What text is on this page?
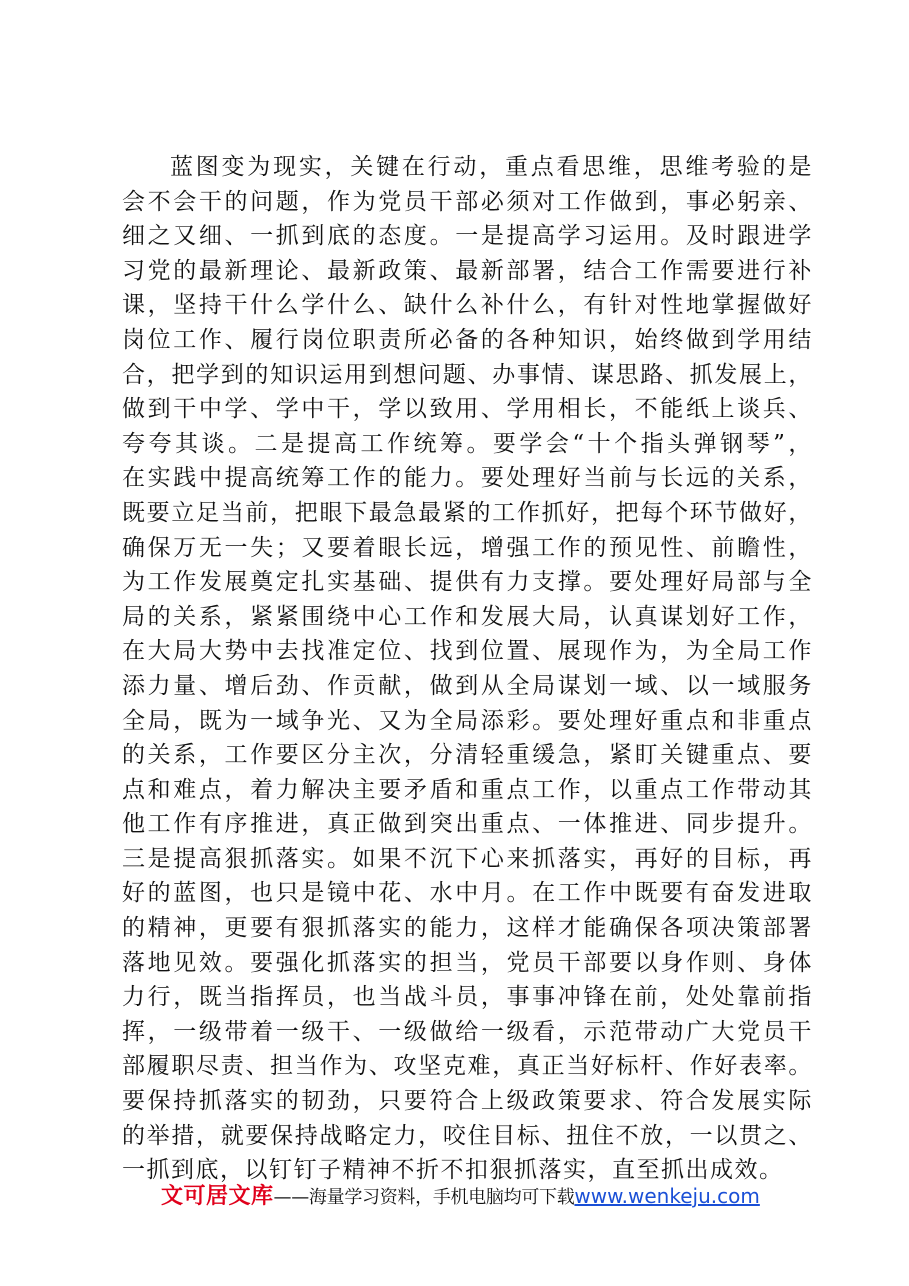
蓝图变为现实，关键在行动，重点看思维，思维考验的是
会不会干的问题，作为党员干部必须对工作做到，事必躬亲、
细之又细、一抓到底的态度。一是提高学习运用。及时跟进学
习党的最新理论、最新政策、最新部署，结合工作需要进行补
课，坚持干什么学什么、缺什么补什么，有针对性地掌握做好
岗位工作、履行岗位职责所必备的各种知识，始终做到学用结
合，把学到的知识运用到想问题、办事情、谋思路、抓发展上，
做到干中学、学中干，学以致用、学用相长，不能纸上谈兵、
夸夸其谈。二是提高工作统筹。要学会“十个指头弹钢琴”，
在实践中提高统筹工作的能力。要处理好当前与长远的关系，
既要立足当前，把眼下最急最紧的工作抓好，把每个环节做好，
确保万无一失；又要着眼长远，增强工作的预见性、前瞻性，
为工作发展奠定扎实基础、提供有力支撑。要处理好局部与全
局的关系，紧紧围绕中心工作和发展大局，认真谋划好工作，
在大局大势中去找准定位、找到位置、展现作为，为全局工作
添力量、增后劲、作贡献，做到从全局谋划一域、以一域服务
全局，既为一域争光、又为全局添彩。要处理好重点和非重点
的关系，工作要区分主次，分清轻重缓急，紧盯关键重点、要
点和难点，着力解决主要矛盾和重点工作，以重点工作带动其
他工作有序推进，真正做到突出重点、一体推进、同步提升。
三是提高狠抓落实。如果不沉下心来抓落实，再好的目标，再
好的蓝图，也只是镜中花、水中月。在工作中既要有奋发进取
的精神，更要有狠抓落实的能力，这样才能确保各项决策部署
落地见效。要强化抓落实的担当，党员干部要以身作则、身体
力行，既当指挥员，也当战斗员，事事冲锋在前，处处靠前指
挥，一级带着一级干、一级做给一级看，示范带动广大党员干
部履职尽责、担当作为、攻坚克难，真正当好标杆、作好表率。
要保持抓落实的韧劲，只要符合上级政策要求、符合发展实际
的举措，就要保持战略定力，咬住目标、扭住不放，一以贯之、
一抓到底，以钉钉子精神不折不扣狠抓落实，直至抓出成效。
文可居文库——海量学习资料，手机电脑均可下载www.wenkeju.com
